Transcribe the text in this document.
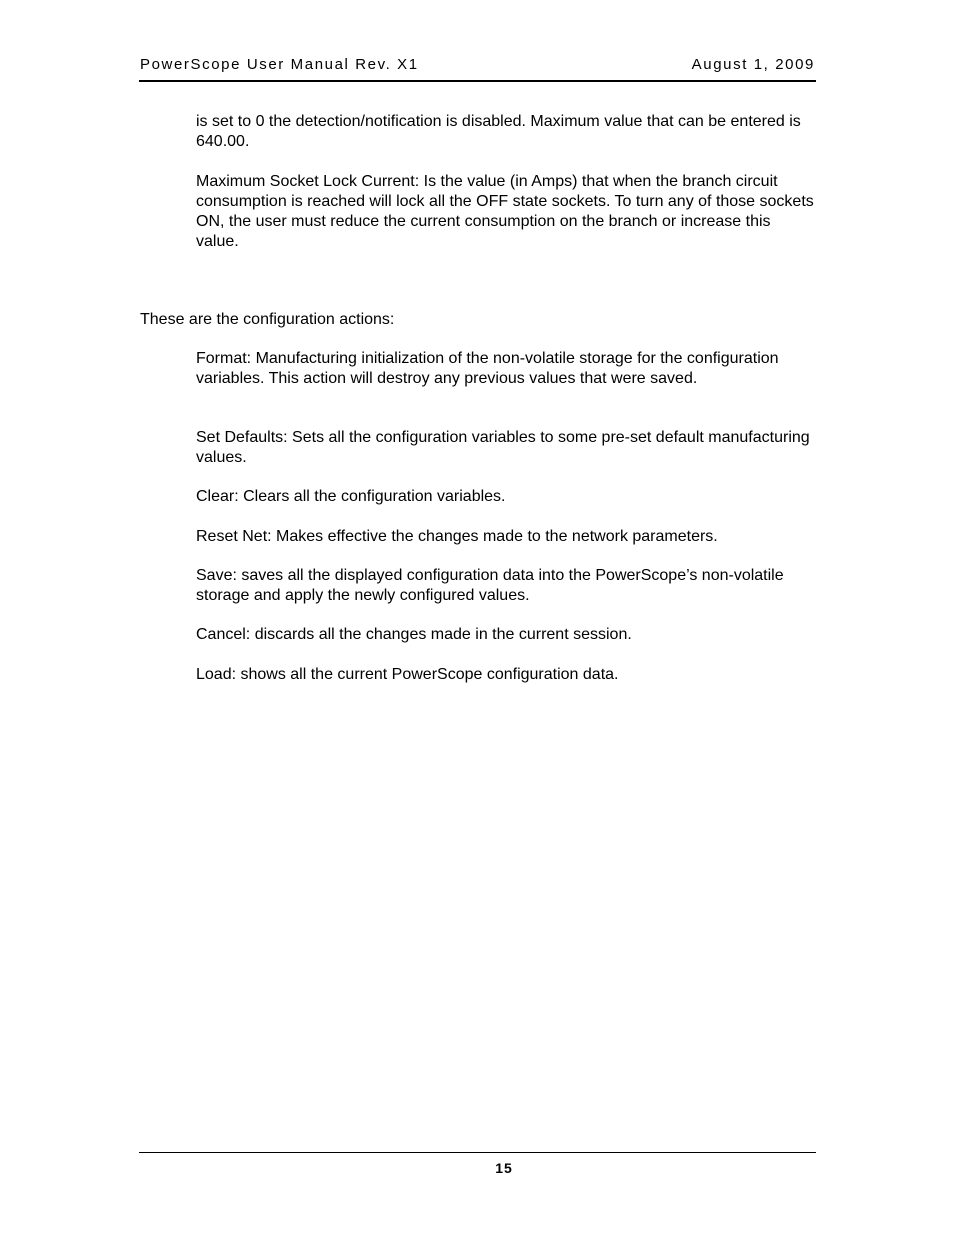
PowerScope User Manual Rev. X1	August 1, 2009

is set to 0 the detection/notification is disabled. Maximum value that can be entered is 640.00.

Maximum Socket Lock Current: Is the value (in Amps) that when the branch circuit consumption is reached will lock all the OFF state sockets. To turn any of those sockets ON, the user must reduce the current consumption on the branch or increase this value.

These are the configuration actions:

Format: Manufacturing initialization of the non-volatile storage for the configuration variables. This action will destroy any previous values that were saved.

Set Defaults: Sets all the configuration variables to some pre-set default manufacturing values.

Clear: Clears all the configuration variables.

Reset Net: Makes effective the changes made to the network parameters.

Save: saves all the displayed configuration data into the PowerScope’s non-volatile storage and apply the newly configured values.

Cancel: discards all the changes made in the current session.

Load: shows all the current PowerScope configuration data.

15
